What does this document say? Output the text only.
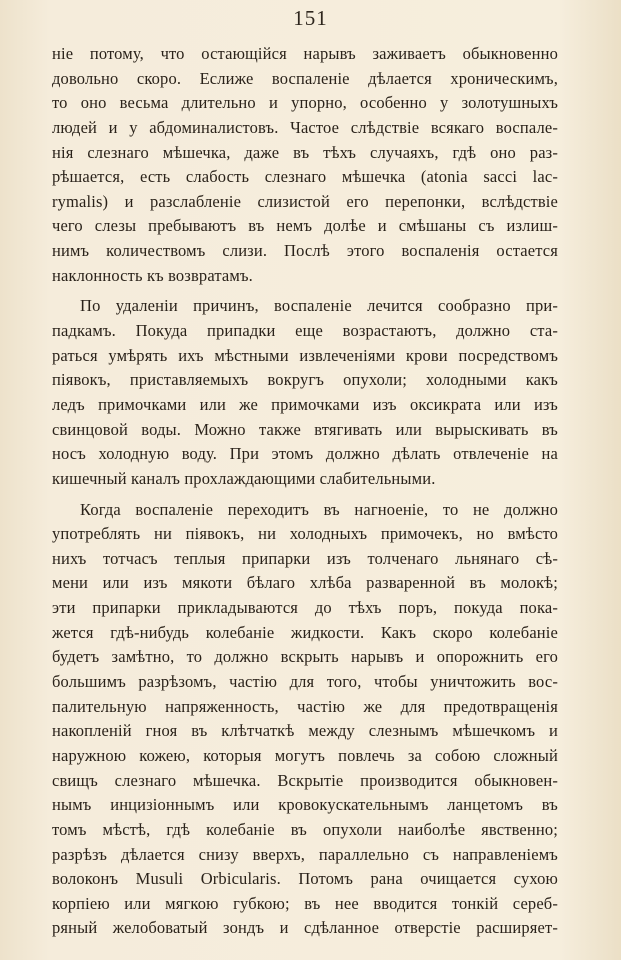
151
ніе потому, что остающійся нарывъ заживаетъ обыкновенно
довольно скоро. Еслиже воспаленіе дѣлается хроническимъ,
то оно весьма длительно и упорно, особенно у золотушныхъ
людей и у абдоминалистовъ. Частое слѣдствіе всякаго воспале-
нія слезнаго мѣшечка, даже въ тѣхъ случаяхъ, гдѣ оно раз-
рѣшается, есть слабость слезнаго мѣшечка (atonia sacci lac-
rymalis) и разслабленіе слизистой его перепонки, вслѣдствіе
чего слезы пребываютъ въ немъ долѣе и смѣшаны съ излиш-
нимъ количествомъ слизи. Послѣ этого воспаленія остается
наклонность къ возвратамъ.
По удаленіи причинъ, воспаленіе лечится сообразно при-
падкамъ. Покуда припадки еще возрастаютъ, должно ста-
раться умѣрять ихъ мѣстными извлеченіями крови посредствомъ
піявокъ, приставляемыхъ вокругъ опухоли; холодными какъ
ледъ примочками или же примочками изъ оксикрата или изъ
свинцовой воды. Можно также втягивать или вырыскивать въ
носъ холодную воду. При этомъ должно дѣлать отвлеченіе на
кишечный каналъ прохлаждающими слабительными.
Когда воспаленіе переходитъ въ нагноеніе, то не должно
употреблять ни піявокъ, ни холодныхъ примочекъ, но вмѣсто
нихъ тотчасъ теплыя припарки изъ толченаго льнянаго сѣ-
мени или изъ мякоти бѣлаго хлѣба разваренной въ молокѣ;
эти припарки прикладываются до тѣхъ поръ, покуда пока-
жется гдѣ-нибудь колебаніе жидкости. Какъ скоро колебаніе
будетъ замѣтно, то должно вскрыть нарывъ и опорожнить его
большимъ разрѣзомъ, частію для того, чтобы уничтожить вос-
палительную напряженность, частію же для предотвращенія
накопленій гноя въ клѣтчаткѣ между слезнымъ мѣшечкомъ и
наружною кожею, которыя могутъ повлечь за собою сложный
свищъ слезнаго мѣшечка. Вскрытіе производится обыкновен-
нымъ инцизіоннымъ или кровокускательнымъ ланцетомъ въ
томъ мѣстѣ, гдѣ колебаніе въ опухоли наиболѣе явственно;
разрѣзъ дѣлается снизу вверхъ, параллельно съ направленіемъ
волоконъ Musuli Orbicularis. Потомъ рана очищается сухою
корпіею или мягкою губкою; въ нее вводится тонкій сереб-
ряный желобоватый зондъ и сдѣланное отверстіе расширяет-
